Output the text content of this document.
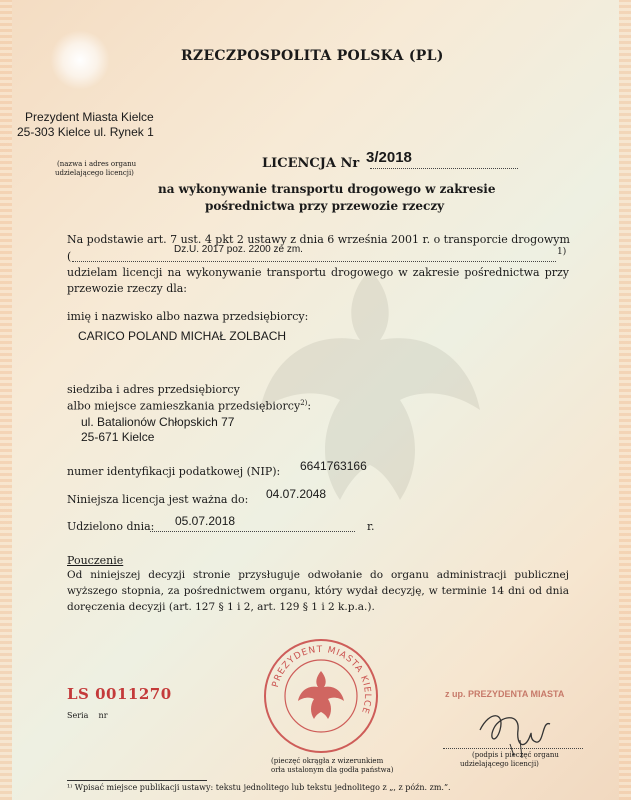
RZECZPOSPOLITA POLSKA (PL)
Prezydent Miasta Kielce
25-303 Kielce ul. Rynek 1
(nazwa i adres organu
udzielającego licencji)
LICENCJA Nr 3/2018
na wykonywanie transportu drogowego w zakresie
pośrednictwa przy przewozie rzeczy
Na podstawie art. 7 ust. 4 pkt 2 ustawy z dnia 6 września 2001 r. o transporcie drogowym
(
Dz.U. 2017 poz. 2200 ze zm.	1)
udzielam licencji na wykonywanie transportu drogowego w zakresie pośrednictwa przy przewozie rzeczy dla:
imię i nazwisko albo nazwa przedsiębiorcy:
CARICO POLAND MICHAŁ ZOLBACH
siedziba i adres przedsiębiorcy
albo miejsce zamieszkania przedsiębiorcy$^{2)}$:
ul. Batalionów Chłopskich 77
25-671 Kielce
numer identyfikacji podatkowej (NIP): 6641763166
Niniejsza licencja jest ważna do: 04.07.2048
Udzielono dnia: 05.07.2018	r.
Pouczenie
Od niniejszej decyzji stronie przysługuje odwołanie do organu administracji publicznej wyższego stopnia, za pośrednictwem organu, który wydał decyzję, w terminie 14 dni od dnia doręczenia decyzji (art. 127 § 1 i 2, art. 129 § 1 i 2 k.p.a.).
LS 0011270
Seria    nr
PREZYDENT MIASTA KIELCE
(pieczęć okrągła z wizerunkiem
orła ustalonym dla godła państwa)
z up. PREZYDENTA MIASTA
(podpis i pieczęć organu
udzielającego licencji)
¹⁾ Wpisać miejsce publikacji ustawy: tekstu jednolitego lub tekstu jednolitego z „, z późn. zm.”.
